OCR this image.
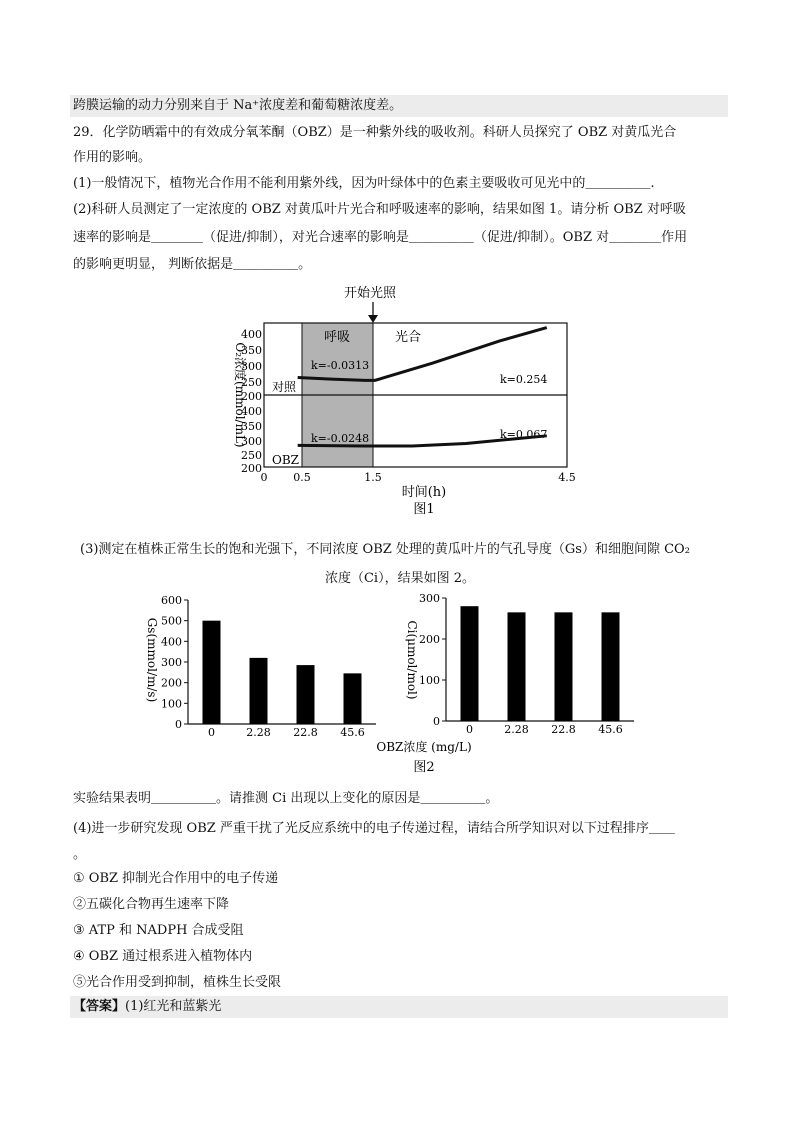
跨膜运输的动力分别来自于 Na⁺浓度差和葡萄糖浓度差。
29．化学防晒霜中的有效成分氧苯酮（OBZ）是一种紫外线的吸收剂。科研人员探究了 OBZ 对黄瓜光合
作用的影响。
(1)一般情况下，植物光合作用不能利用紫外线，因为叶绿体中的色素主要吸收可见光中的＿＿＿＿＿.
(2)科研人员测定了一定浓度的 OBZ 对黄瓜叶片光合和呼吸速率的影响，结果如图 1。请分析 OBZ 对呼吸
速率的影响是＿＿＿＿（促进/抑制），对光合速率的影响是＿＿＿＿＿（促进/抑制）。OBZ 对＿＿＿＿作用
的影响更明显， 判断依据是＿＿＿＿＿。
开始光照
呼吸	光合
400
350
300
250
200
400
350
300
250
200
O₂浓度(mmol/mL) 对照
OBZ
k=-0.0313
k=0.254
k=-0.0248	k=0.067
0 0.5	1.5	4.5
时间(h)
图1
(3)测定在植株正常生长的饱和光强下，不同浓度 OBZ 处理的黄瓜叶片的气孔导度（Gs）和细胞间隙 CO₂
浓度（Ci），结果如图 2。
600
500
400
300
200
100
0
Gs(mmol/m/s)
0	2.28 22.8 45.6
300
200
100
0
Ci(μmol/mol)
0	2.28 22.8 45.6
OBZ浓度 (mg/L)
图2
实验结果表明＿＿＿＿＿。请推测 Ci 出现以上变化的原因是＿＿＿＿＿。
(4)进一步研究发现 OBZ 严重干扰了光反应系统中的电子传递过程，请结合所学知识对以下过程排序＿＿
。
① OBZ 抑制光合作用中的电子传递
②五碳化合物再生速率下降
③ ATP 和 NADPH 合成受阻
④ OBZ 通过根系进入植物体内
⑤光合作用受到抑制，植株生长受限
【答案】(1)红光和蓝紫光
